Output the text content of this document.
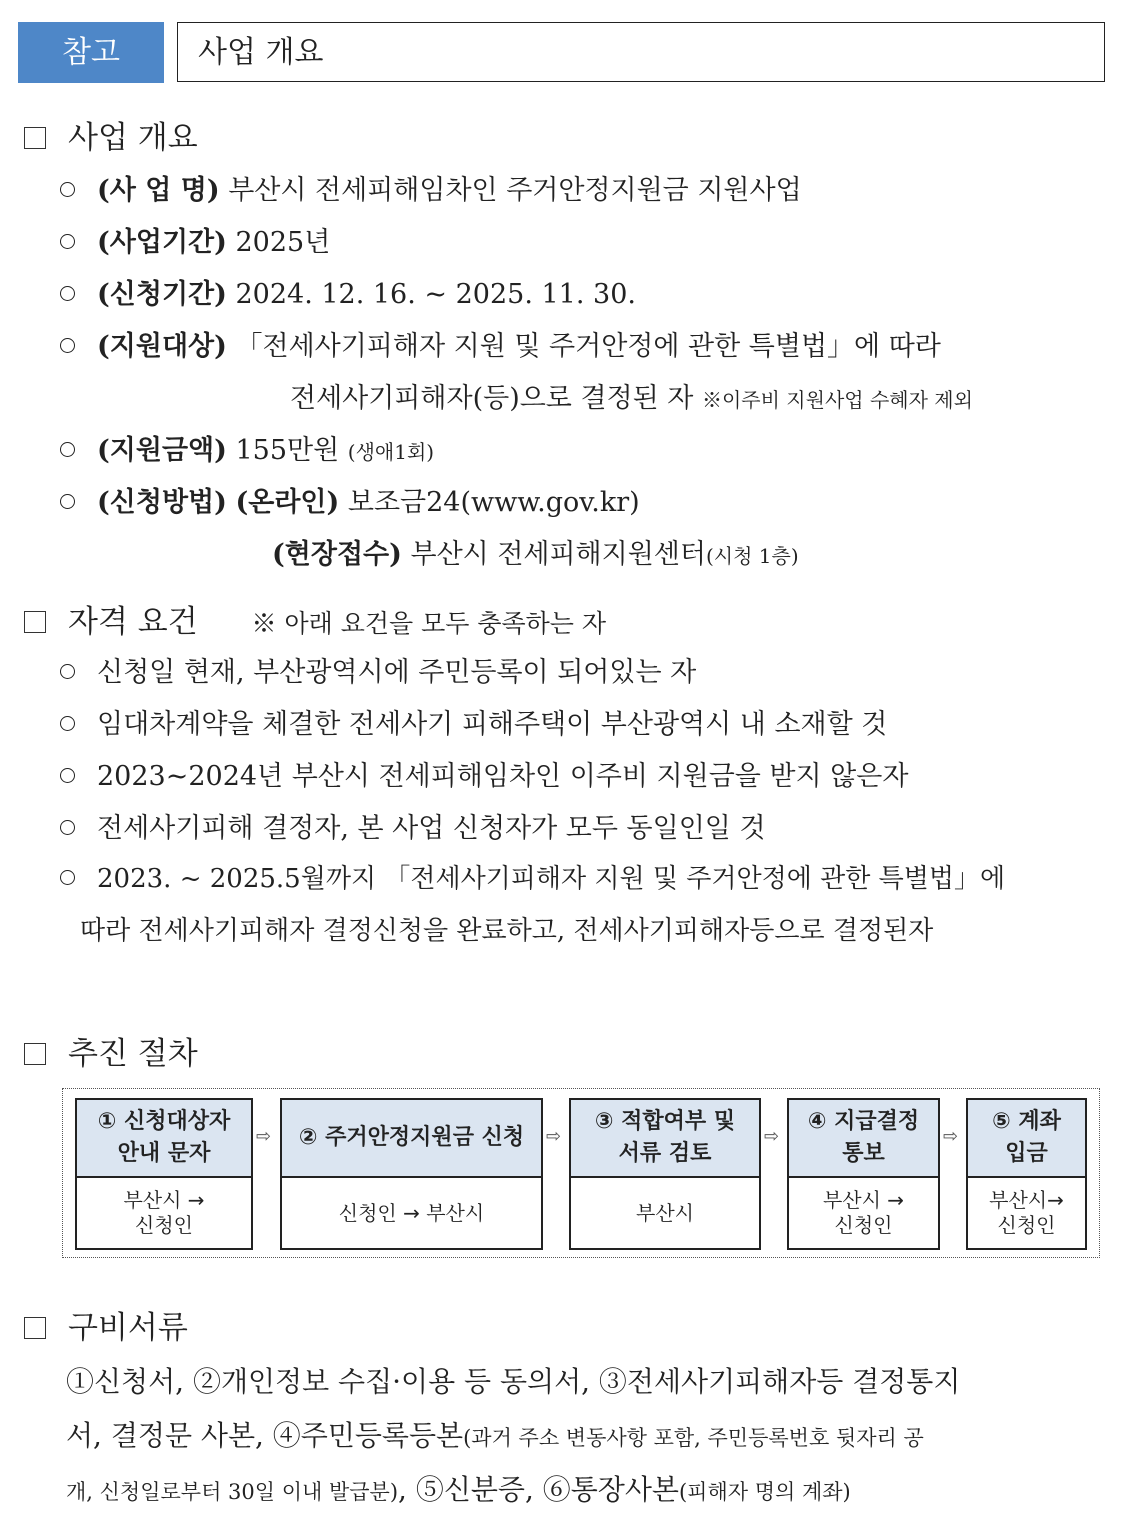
참고	사업 개요
사업 개요
(사 업 명) 부산시 전세피해임차인 주거안정지원금 지원사업
(사업기간) 2025년
(신청기간) 2024. 12. 16. ~ 2025. 11. 30.
(지원대상) 「전세사기피해자 지원 및 주거안정에 관한 특별법」에 따라
전세사기피해자(등)으로 결정된 자 ※이주비 지원사업 수혜자 제외
(지원금액) 155만원 (생애1회)
(신청방법) (온라인) 보조금24(www.gov.kr)
(현장접수) 부산시 전세피해지원센터(시청 1층)
자격 요건 ※ 아래 요건을 모두 충족하는 자
신청일 현재, 부산광역시에 주민등록이 되어있는 자
임대차계약을 체결한 전세사기 피해주택이 부산광역시 내 소재할 것
2023~2024년 부산시 전세피해임차인 이주비 지원금을 받지 않은자
전세사기피해 결정자, 본 사업 신청자가 모두 동일인일 것
2023. ~ 2025.5월까지 「전세사기피해자 지원 및 주거안정에 관한 특별법」에
따라 전세사기피해자 결정신청을 완료하고, 전세사기피해자등으로 결정된자
추진 절차
① 신청대상자
안내 문자
부산시 →
신청인
⇨ ② 주거안정지원금 신청
신청인 → 부산시
⇨
③ 적합여부 및
서류 검토
부산시
⇨
④ 지급결정
통보
부산시 →
신청인
⇨
⑤ 계좌
입금
부산시→
신청인
구비서류
①신청서, ②개인정보 수집·이용 등 동의서, ③전세사기피해자등 결정통지
서, 결정문 사본, ④주민등록등본(과거 주소 변동사항 포함, 주민등록번호 뒷자리 공
개, 신청일로부터 30일 이내 발급분), ⑤신분증, ⑥통장사본(피해자 명의 계좌)
